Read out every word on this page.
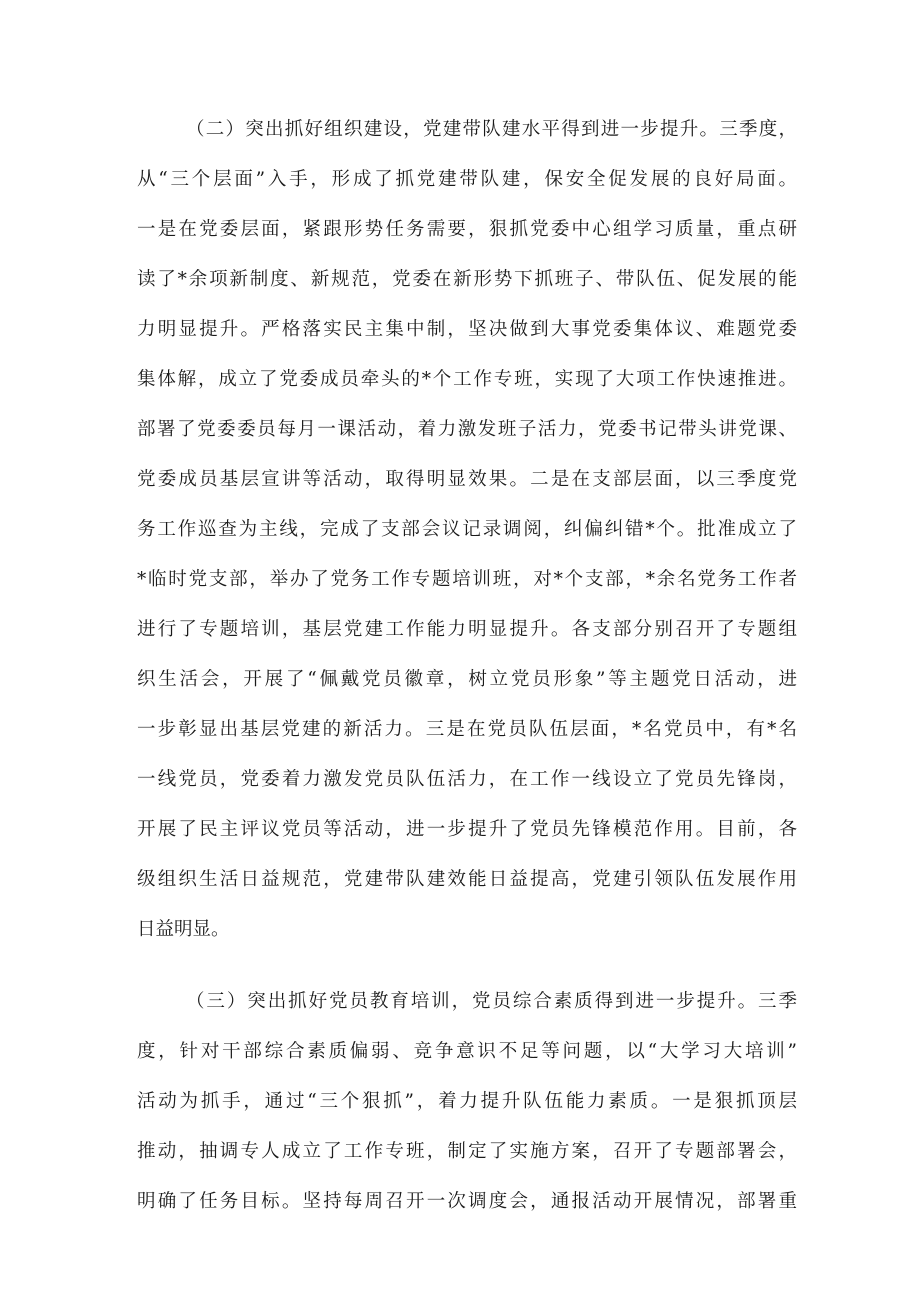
（二）突出抓好组织建设，党建带队建水平得到进一步提升。三季度，

从“三个层面”入手，形成了抓党建带队建，保安全促发展的良好局面。

一是在党委层面，紧跟形势任务需要，狠抓党委中心组学习质量，重点研

读了*余项新制度、新规范，党委在新形势下抓班子、带队伍、促发展的能

力明显提升。严格落实民主集中制，坚决做到大事党委集体议、难题党委

集体解，成立了党委成员牵头的*个工作专班，实现了大项工作快速推进。

部署了党委委员每月一课活动，着力激发班子活力，党委书记带头讲党课、

党委成员基层宣讲等活动，取得明显效果。二是在支部层面，以三季度党

务工作巡查为主线，完成了支部会议记录调阅，纠偏纠错*个。批准成立了

*临时党支部，举办了党务工作专题培训班，对*个支部，*余名党务工作者

进行了专题培训，基层党建工作能力明显提升。各支部分别召开了专题组

织生活会，开展了“佩戴党员徽章，树立党员形象”等主题党日活动，进

一步彰显出基层党建的新活力。三是在党员队伍层面，*名党员中，有*名

一线党员，党委着力激发党员队伍活力，在工作一线设立了党员先锋岗，

开展了民主评议党员等活动，进一步提升了党员先锋模范作用。目前，各

级组织生活日益规范，党建带队建效能日益提高，党建引领队伍发展作用

日益明显。

（三）突出抓好党员教育培训，党员综合素质得到进一步提升。三季

度，针对干部综合素质偏弱、竞争意识不足等问题，以“大学习大培训”

活动为抓手，通过“三个狠抓”，着力提升队伍能力素质。一是狠抓顶层

推动，抽调专人成立了工作专班，制定了实施方案，召开了专题部署会，

明确了任务目标。坚持每周召开一次调度会，通报活动开展情况，部署重
